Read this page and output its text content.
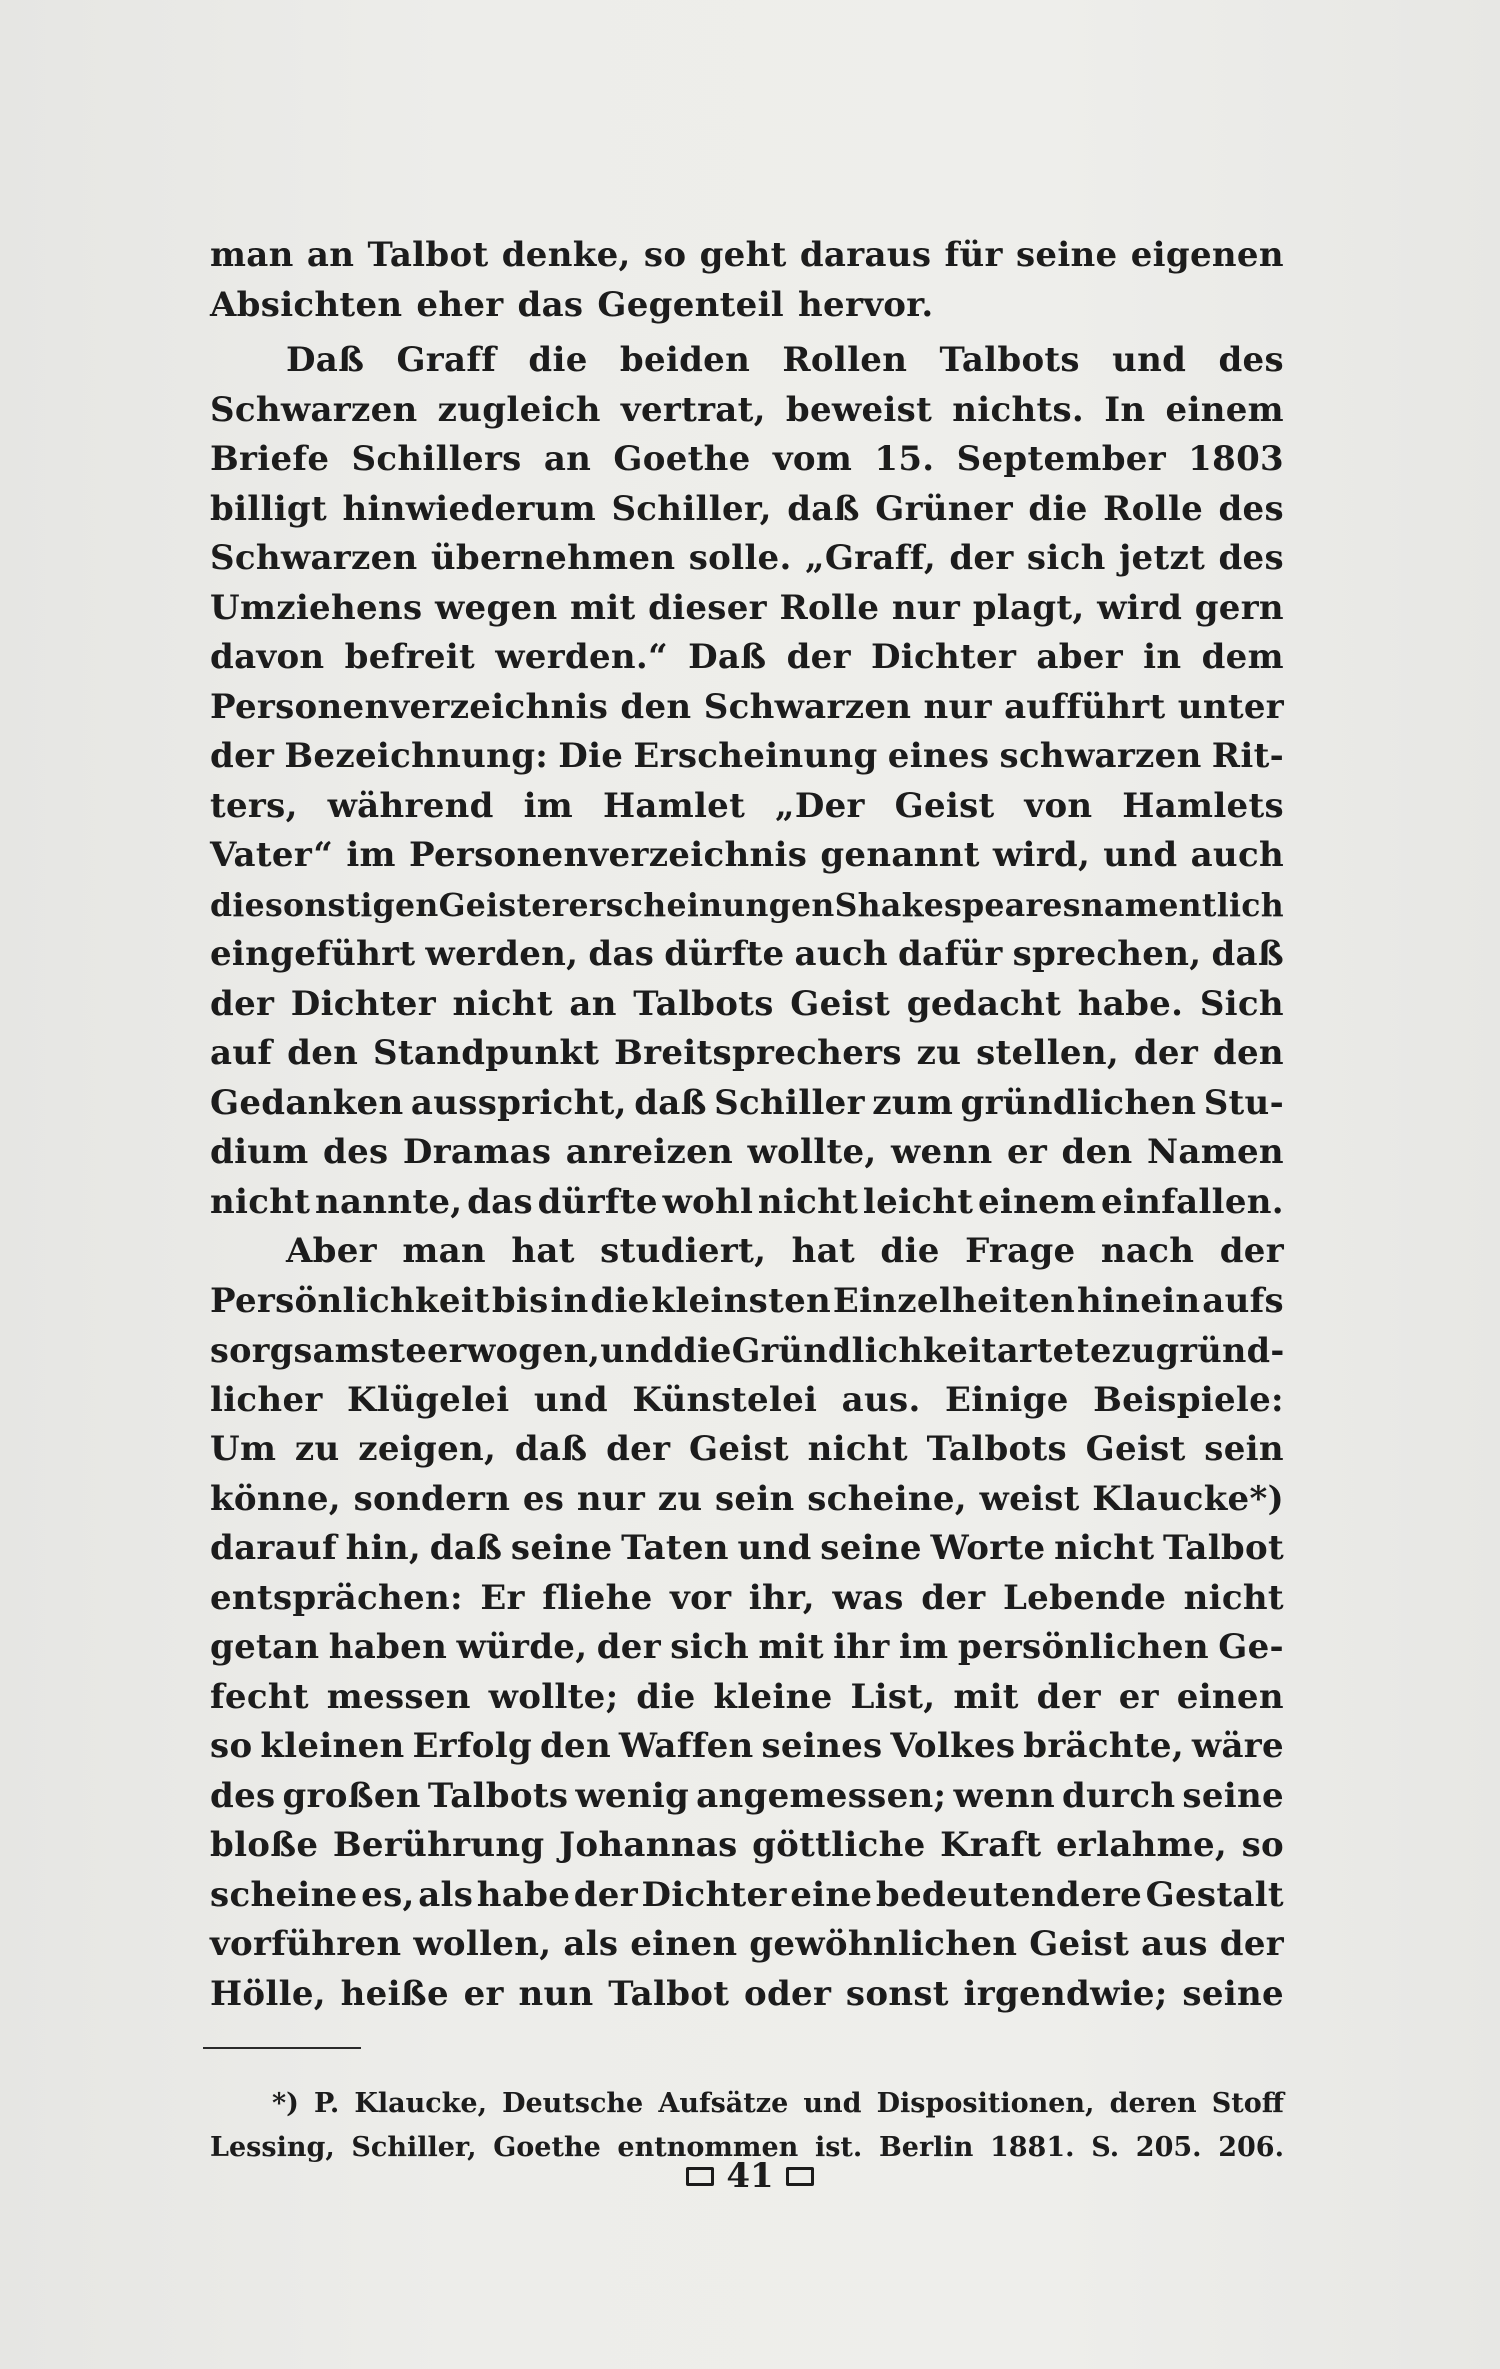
man an Talbot denke, so geht daraus für seine eigenen
Absichten eher das Gegenteil hervor.
Daß Graff die beiden Rollen Talbots und des
Schwarzen zugleich vertrat, beweist nichts. In einem
Briefe Schillers an Goethe vom 15. September 1803
billigt hinwiederum Schiller, daß Grüner die Rolle des
Schwarzen übernehmen solle. „Graff, der sich jetzt des
Umziehens wegen mit dieser Rolle nur plagt, wird gern
davon befreit werden.“ Daß der Dichter aber in dem
Personenverzeichnis den Schwarzen nur aufführt unter
der Bezeichnung: Die Erscheinung eines schwarzen Rit-
ters, während im Hamlet „Der Geist von Hamlets
Vater“ im Personenverzeichnis genannt wird, und auch
die sonstigen Geistererscheinungen Shakespeares namentlich
eingeführt werden, das dürfte auch dafür sprechen, daß
der Dichter nicht an Talbots Geist gedacht habe. Sich
auf den Standpunkt Breitsprechers zu stellen, der den
Gedanken ausspricht, daß Schiller zum gründlichen Stu-
dium des Dramas anreizen wollte, wenn er den Namen
nicht nannte, das dürfte wohl nicht leicht einem einfallen.
Aber man hat studiert, hat die Frage nach der
Persönlichkeit bis in die kleinsten Einzelheiten hinein aufs
sorgsamste erwogen, und die Gründlichkeit artete zu gründ-
licher Klügelei und Künstelei aus. Einige Beispiele:
Um zu zeigen, daß der Geist nicht Talbots Geist sein
könne, sondern es nur zu sein scheine, weist Klaucke*)
darauf hin, daß seine Taten und seine Worte nicht Talbot
entsprächen: Er fliehe vor ihr, was der Lebende nicht
getan haben würde, der sich mit ihr im persönlichen Ge-
fecht messen wollte; die kleine List, mit der er einen
so kleinen Erfolg den Waffen seines Volkes brächte, wäre
des großen Talbots wenig angemessen; wenn durch seine
bloße Berührung Johannas göttliche Kraft erlahme, so
scheine es, als habe der Dichter eine bedeutendere Gestalt
vorführen wollen, als einen gewöhnlichen Geist aus der
Hölle, heiße er nun Talbot oder sonst irgendwie; seine
*) P. Klaucke, Deutsche Aufsätze und Dispositionen, deren Stoff
Lessing, Schiller, Goethe entnommen ist. Berlin 1881. S. 205. 206.
41
